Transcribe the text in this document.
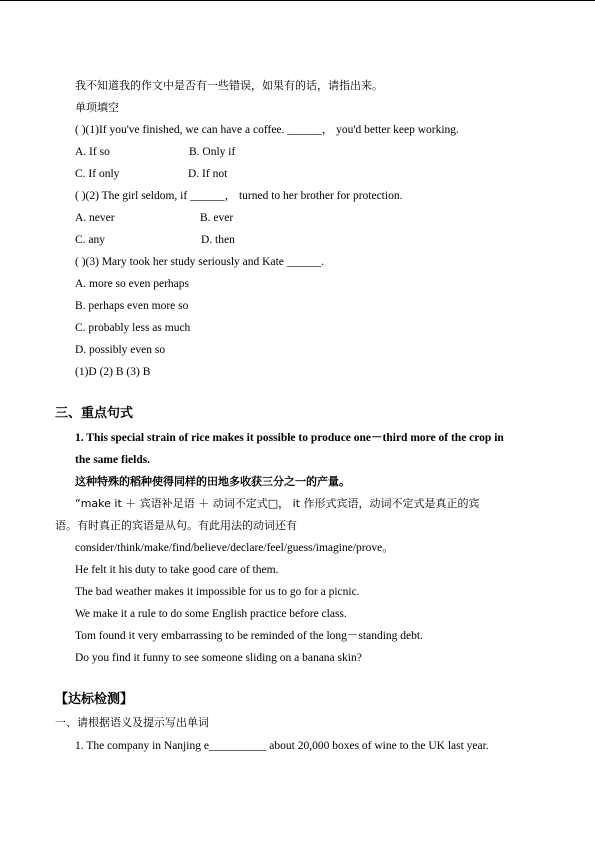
我不知道我的作文中是否有一些错误，如果有的话，请指出来。
单项填空
( )(1)If you've finished, we can have a coffee. ______， you'd better keep working.
A. If so	B. Only if
C. If only	D. If not
( )(2) The girl seldom, if ______， turned to her brother for protection.
A. never	B. ever
C. any	D. then
( )(3) Mary took her study seriously and Kate ______.
A. more so even perhaps
B. perhaps even more so
C. probably less as much
D. possibly even so
(1)D (2) B (3) B
三、重点句式
1. This special strain of rice makes it possible to produce one－third more of the crop in
the same fields.
这种特殊的稻种使得同样的田地多收获三分之一的产量。
“make it ＋ 宾语补足语 ＋ 动词不定式□， it 作形式宾语，动词不定式是真正的宾
语。有时真正的宾语是从句。有此用法的动词还有
consider/think/make/find/believe/declare/feel/guess/imagine/prove。
He felt it his duty to take good care of them.
The bad weather makes it impossible for us to go for a picnic.
We make it a rule to do some English practice before class.
Tom found it very embarrassing to be reminded of the long－standing debt.
Do you find it funny to see someone sliding on a banana skin?
【达标检测】
一、请根据语义及提示写出单词
1. The company in Nanjing e__________ about 20,000 boxes of wine to the UK last year.
